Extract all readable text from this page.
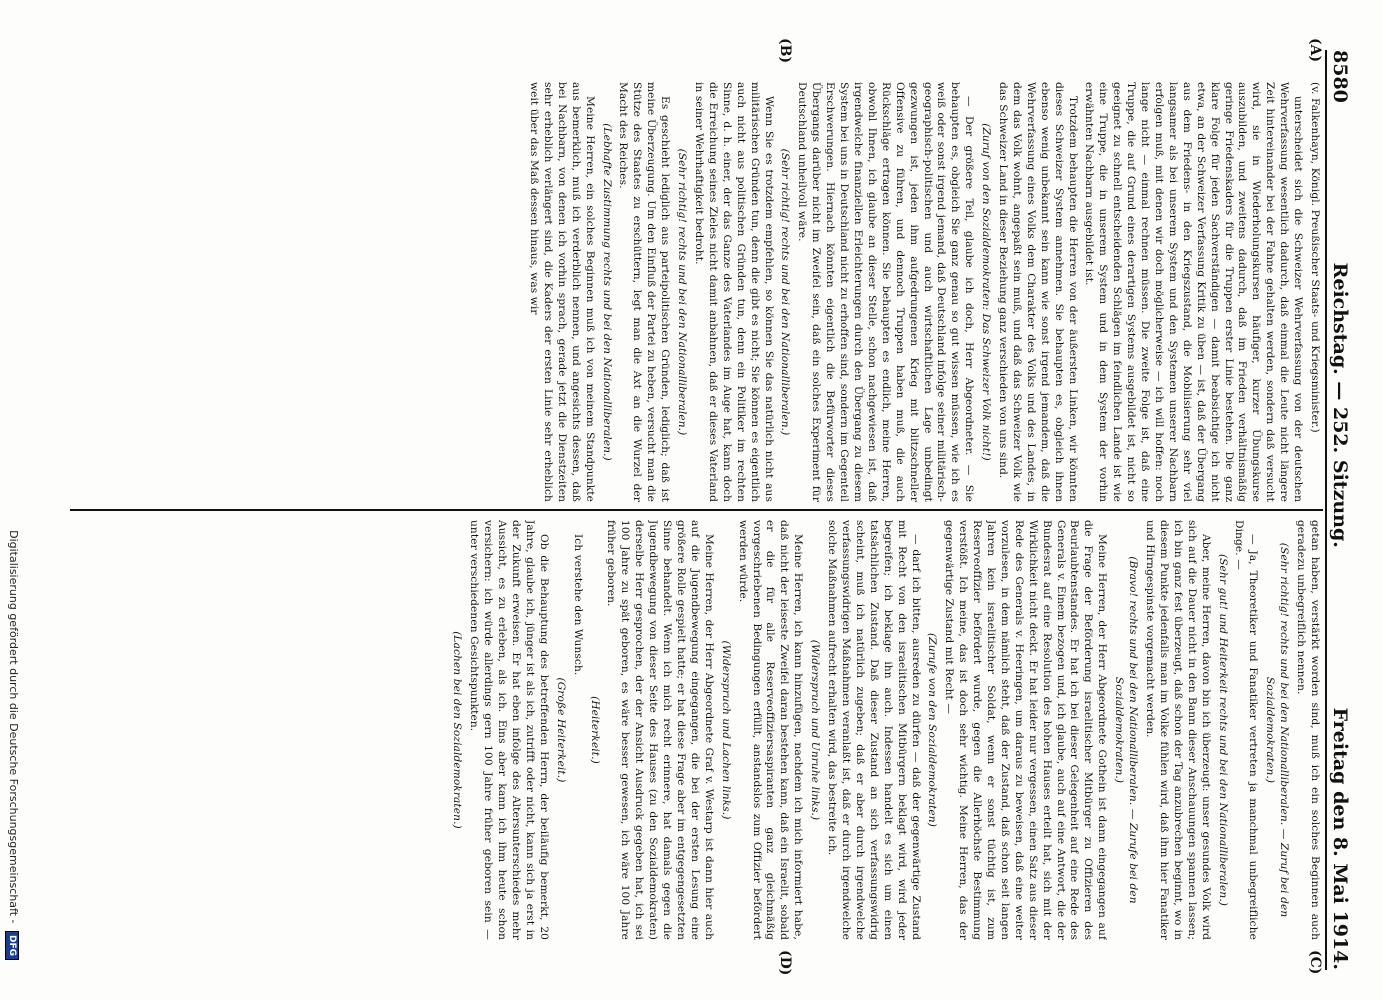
8580
Reichstag. — 252. Sitzung.
Freitag den 8. Mai 1914.
(A)
(B)
(C)
(D)

(v. Falkenhayn, Königl. Preußischer Staats- und Kriegsminister.)

unterscheidet sich die Schweizer Wehrverfassung von der deutschen Wehrverfassung wesentlich dadurch, daß einmal die Leute nicht längere Zeit hintereinander bei der Fahne gehalten werden, sondern daß versucht wird, sie in Wiederholungskursen häufiger, kurzer Übungskurse auszubilden, und zweitens dadurch, daß im Frieden verhältnismäßig geringe Friedenskaders für die Truppen erster Linie bestehen. Die ganz klare Folge für jeden Sachverständigen — damit beabsichtige ich nicht etwa, an der Schweizer Verfassung Kritik zu üben — ist, daß der Übergang aus dem Friedens- in den Kriegszustand, die Mobilisierung sehr viel langsamer als bei unserem System und den Systemen unserer Nachbarn erfolgen muß, mit denen wir doch möglicherweise — ich will hoffen: noch lange nicht — einmal rechnen müssen. Die zweite Folge ist, daß eine Truppe, die auf Grund eines derartigen Systems ausgebildet ist, nicht so geeignet zu schnell entscheidenden Schlägen im feindlichen Lande ist wie eine Truppe, die in unserem System und in dem System der vorhin erwähnten Nachbarn ausgebildet ist.

Trotzdem behaupten die Herren von der äußersten Linken, wir könnten dieses Schweizer System annehmen. Sie behaupten es, obgleich ihnen ebenso wenig unbekannt sein kann wie sonst irgend jemandem, daß die Wehrverfassung eines Volks dem Charakter des Volks und des Landes, in dem das Volk wohnt, angepaßt sein muß, und daß das Schweizer Volk wie das Schweizer Land in dieser Beziehung ganz verschieden von uns sind.

(Zuruf von den Sozialdemokraten: Das Schweizer Volk nicht!)

— Der größere Teil, glaube ich doch, Herr Abgeordneter. — Sie behaupten es, obgleich Sie ganz genau so gut wissen müssen, wie ich es weiß oder sonst irgend jemand, daß Deutschland infolge seiner militärisch-geographisch-politischen und auch wirtschaftlichen Lage unbedingt gezwungen ist, jeden ihm aufgedrungenen Krieg mit blitzschneller Offensive zu führen, und dennoch Truppen haben muß, die auch Rückschläge ertragen können. Sie behaupten es endlich, meine Herren, obwohl Ihnen, ich glaube an dieser Stelle, schon nachgewiesen ist, daß irgendwelche finanziellen Erleichterungen durch den Übergang zu diesem System bei uns in Deutschland nicht zu erhoffen sind, sondern im Gegenteil Erschwerungen. Hiernach könnten eigentlich die Befürworter dieses Übergangs darüber nicht im Zweifel sein, daß ein solches Experiment für Deutschland unheilvoll wäre.

(Sehr richtig! rechts und bei den Nationalliberalen.)

Wenn Sie es trotzdem empfehlen, so können Sie das natürlich nicht aus militärischen Gründen tun, denn die gibt es nicht; Sie können es eigentlich auch nicht aus politischen Gründen tun, denn ein Politiker im rechten Sinne, d. h. einer, der das Ganze des Vaterlandes im Auge hat, kann doch die Erreichung seines Zieles nicht damit anbahnen, daß er dieses Vaterland in seiner Wehrhaftigkeit bedroht.

(Sehr richtig! rechts und bei den Nationalliberalen.)

Es geschieht lediglich aus parteipolitischen Gründen, lediglich; daß ist meine Überzeugung. Um den Einfluß der Partei zu heben, versucht man die Stütze des Staates zu erschüttern, legt man die Axt an die Wurzel der Macht des Reiches.

(Lebhafte Zustimmung rechts und bei den Nationalliberalen.)

Meine Herren, ein solches Beginnen muß ich von meinem Standpunkte aus bemerklich, muß ich verderblich nennen, und angesichts dessen, daß bei Nachbarn, von denen ich vorhin sprach, gerade jetzt die Dienstzeiten sehr erheblich verlängert sind, die Kaders der ersten Linie sehr erheblich weit über das Maß dessen hinaus, was wir

getan haben, verstärkt worden sind, muß ich ein solches Beginnen auch geradezu unbegreiflich nennen.

(Sehr richtig! rechts und bei den Nationalliberalen. — Zuruf bei den Sozialdemokraten.)

— Ja, Theoretiker und Fanatiker vertreten ja manchmal unbegreifliche Dinge. —

(Sehr gut! und Heiterkeit rechts und bei den Nationalliberalen.)

Aber, meine Herren, davon bin ich überzeugt: unser gesundes Volk wird sich auf die Dauer nicht in den Bann dieser Anschauungen spannen lassen; ich bin ganz fest überzeugt, daß schon der Tag anzubrechen beginnt, wo in diesem Punkte jedenfalls man im Volke fühlen wird, daß ihm hier Fanatiker und Hirngespinste vorgemacht werden.

(Bravo! rechts und bei den Nationalliberalen. — Zurufe bei den Sozialdemokraten.)

Meine Herren, der Herr Abgeordnete Gothein ist dann eingegangen auf die Frage der Beförderung israelitischer Mitbürger zu Offizieren des Beurlaubtenstandes. Er hat ich bei dieser Gelegenheit auf eine Rede des Generals v. Einem bezogen und, ich glaube, auch auf eine Antwort, die der Bundesrat auf eine Resolution des hohen Hauses erteilt hat, sich mit der Wirklichkeit nicht deckt. Er hat leider nur vergessen, einen Satz aus dieser Rede des Generals v. Heeringen, um daraus zu beweisen, daß eine weiter vorzulesen, in dem nämlich steht, daß der Zustand, daß schon seit langen Jahren kein israelitischer Soldat, wenn er sonst tüchtig ist, zum Reserveoffizier befördert wurde, gegen die Allerhöchste Bestimmung verstößt. Ich meine, das ist doch sehr wichtig. Meine Herren, das der gegenwärtige Zustand mit Recht —

(Zurufe von den Sozialdemokraten)

— darf ich bitten, ausreden zu dürfen — daß der gegenwärtige Zustand mit Recht von den israelitischen Mitbürgern beklagt wird, wird jeder begreifen; ich beklage ihn auch. Indessen handelt es sich um einen tatsächlichen Zustand. Daß dieser Zustand an sich verfassungswidrig scheint, muß ich natürlich zugeben; daß er aber durch irgendwelche verfassungswidrigen Maßnahmen veranlaßt ist, daß er durch irgendwelche solche Maßnahmen aufrecht erhalten wird, das bestreite ich.

(Widerspruch und Unruhe links.)

Meine Herren, ich kann hinzufügen, nachdem ich mich informiert habe, daß nicht der leiseste Zweifel daran bestehen kann, daß ein Israelit, sobald er die für alle Reserveoffiziersaspiranten ganz gleichmäßig vorgeschriebenen Bedingungen erfüllt, anstandslos zum Offizier befördert werden würde.

(Widerspruch und Lachen links.)

Meine Herren, der Herr Abgeordnete Graf v. Westarp ist dann hier auch auf die Jugendbewegung eingegangen, die bei der ersten Lesung eine größere Rolle gespielt hatte; er hat diese Frage aber im entgegengesetzten Sinne behandelt. Wenn ich mich recht erinnere, hat damals gegen die Jugendbewegung von dieser Seite des Hauses (zu den Sozialdemokraten) derselbe Herr gesprochen, der der Ansicht Ausdruck gegeben hat, ich sei 100 Jahre zu spät geboren, es wäre besser gewesen, ich wäre 100 Jahre früher geboren.

(Heiterkeit.)

Ich verstehe den Wunsch.

(Große Heiterkeit.)

Ob die Behauptung des betreffenden Herrn, der beiläufig bemerkt, 20 Jahre, glaube ich, jünger ist als ich, zutrifft oder nicht, kann sich ja erst in der Zukunft erweisen. Er hat eben infolge des Altersunterschiedes mehr Aussicht, es zu erleben, als ich. Eins aber kann ich ihm heute schon versichern: ich würde allerdings gern 100 Jahre früher geboren sein — unter verschiedenen Gesichtspunkten.

(Lachen bei den Sozialdemokraten.)

Digitalisierung gefördert durch die Deutsche Forschungsgemeinschaft - DFG
